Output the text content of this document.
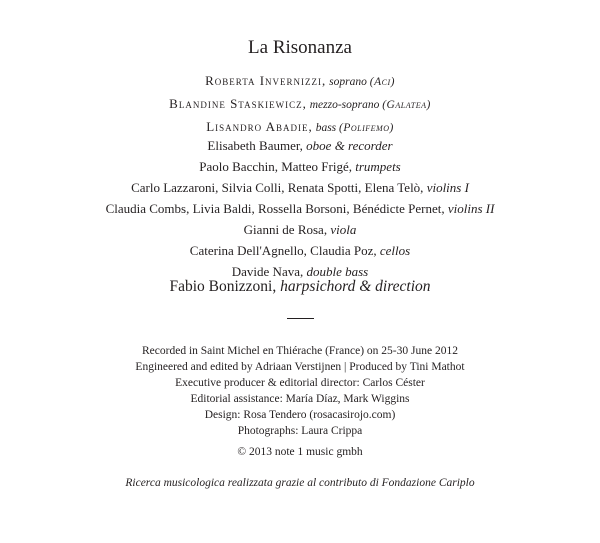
La Risonanza
Roberta Invernizzi, soprano (Aci)
Blandine Staskiewicz, mezzo-soprano (Galatea)
Lisandro Abadie, bass (Polifemo)
Elisabeth Baumer, oboe & recorder
Paolo Bacchin, Matteo Frigé, trumpets
Carlo Lazzaroni, Silvia Colli, Renata Spotti, Elena Telò, violins I
Claudia Combs, Livia Baldi, Rossella Borsoni, Bénédicte Pernet, violins II
Gianni de Rosa, viola
Caterina Dell'Agnello, Claudia Poz, cellos
Davide Nava, double bass
Fabio Bonizzoni, harpsichord & direction
Recorded in Saint Michel en Thiérache (France) on 25-30 June 2012
Engineered and edited by Adriaan Verstijnen | Produced by Tini Mathot
Executive producer & editorial director: Carlos Céster
Editorial assistance: María Díaz, Mark Wiggins
Design: Rosa Tendero (rosacasirojo.com)
Photographs: Laura Crippa
© 2013 note 1 music gmbh
Ricerca musicologica realizzata grazie al contributo di Fondazione Cariplo
